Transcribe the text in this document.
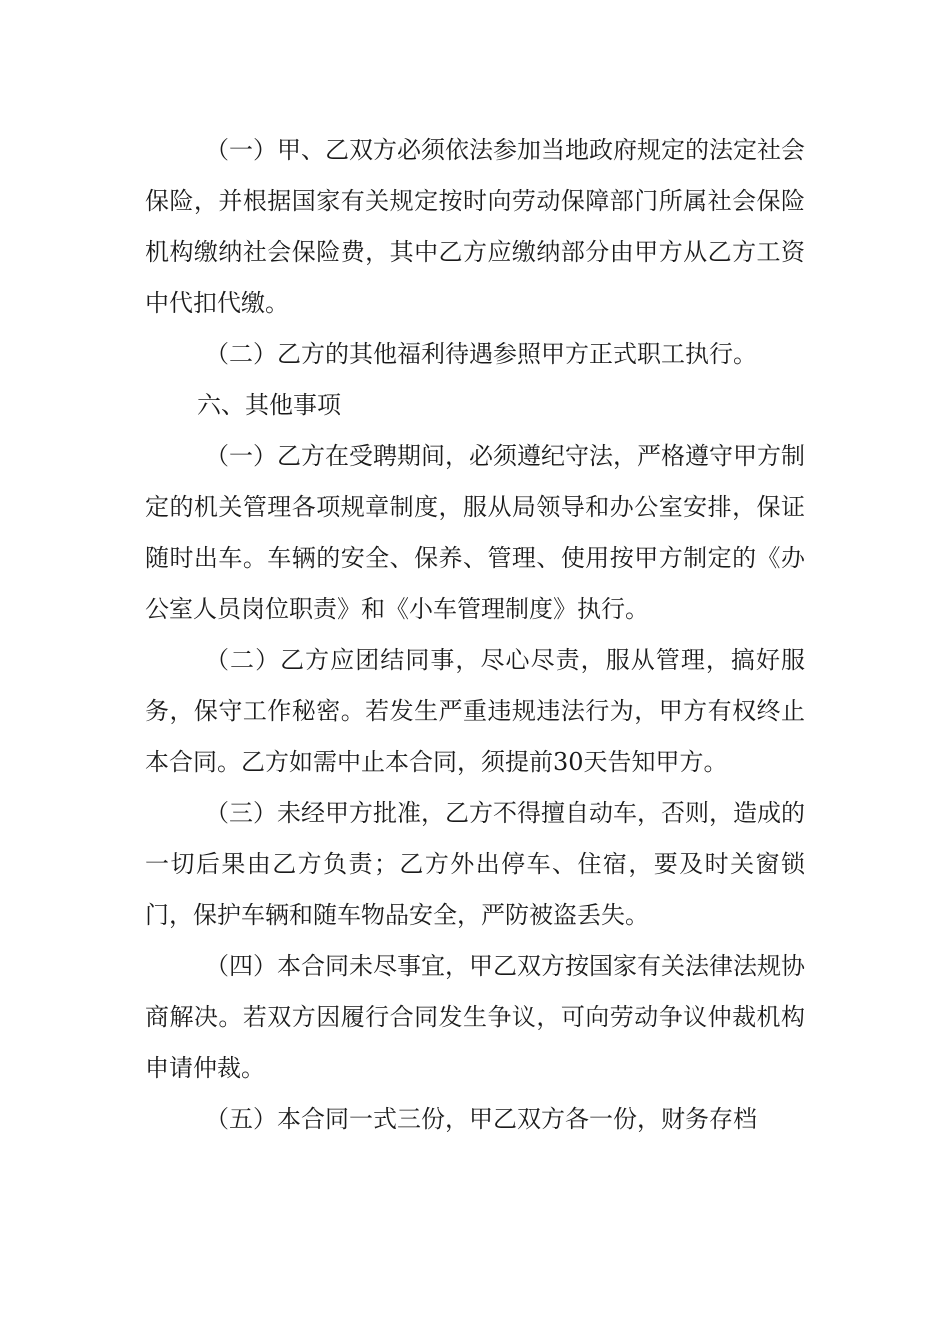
（一）甲、乙双方必须依法参加当地政府规定的法定社会保险，并根据国家有关规定按时向劳动保障部门所属社会保险机构缴纳社会保险费，其中乙方应缴纳部分由甲方从乙方工资中代扣代缴。

（二）乙方的其他福利待遇参照甲方正式职工执行。

六、其他事项

（一）乙方在受聘期间，必须遵纪守法，严格遵守甲方制定的机关管理各项规章制度，服从局领导和办公室安排，保证随时出车。车辆的安全、保养、管理、使用按甲方制定的《办公室人员岗位职责》和《小车管理制度》执行。

（二）乙方应团结同事，尽心尽责，服从管理，搞好服务，保守工作秘密。若发生严重违规违法行为，甲方有权终止本合同。乙方如需中止本合同，须提前30天告知甲方。

（三）未经甲方批准，乙方不得擅自动车，否则，造成的一切后果由乙方负责；乙方外出停车、住宿，要及时关窗锁门，保护车辆和随车物品安全，严防被盗丢失。

（四）本合同未尽事宜，甲乙双方按国家有关法律法规协商解决。若双方因履行合同发生争议，可向劳动争议仲裁机构申请仲裁。

（五）本合同一式三份，甲乙双方各一份，财务存档
